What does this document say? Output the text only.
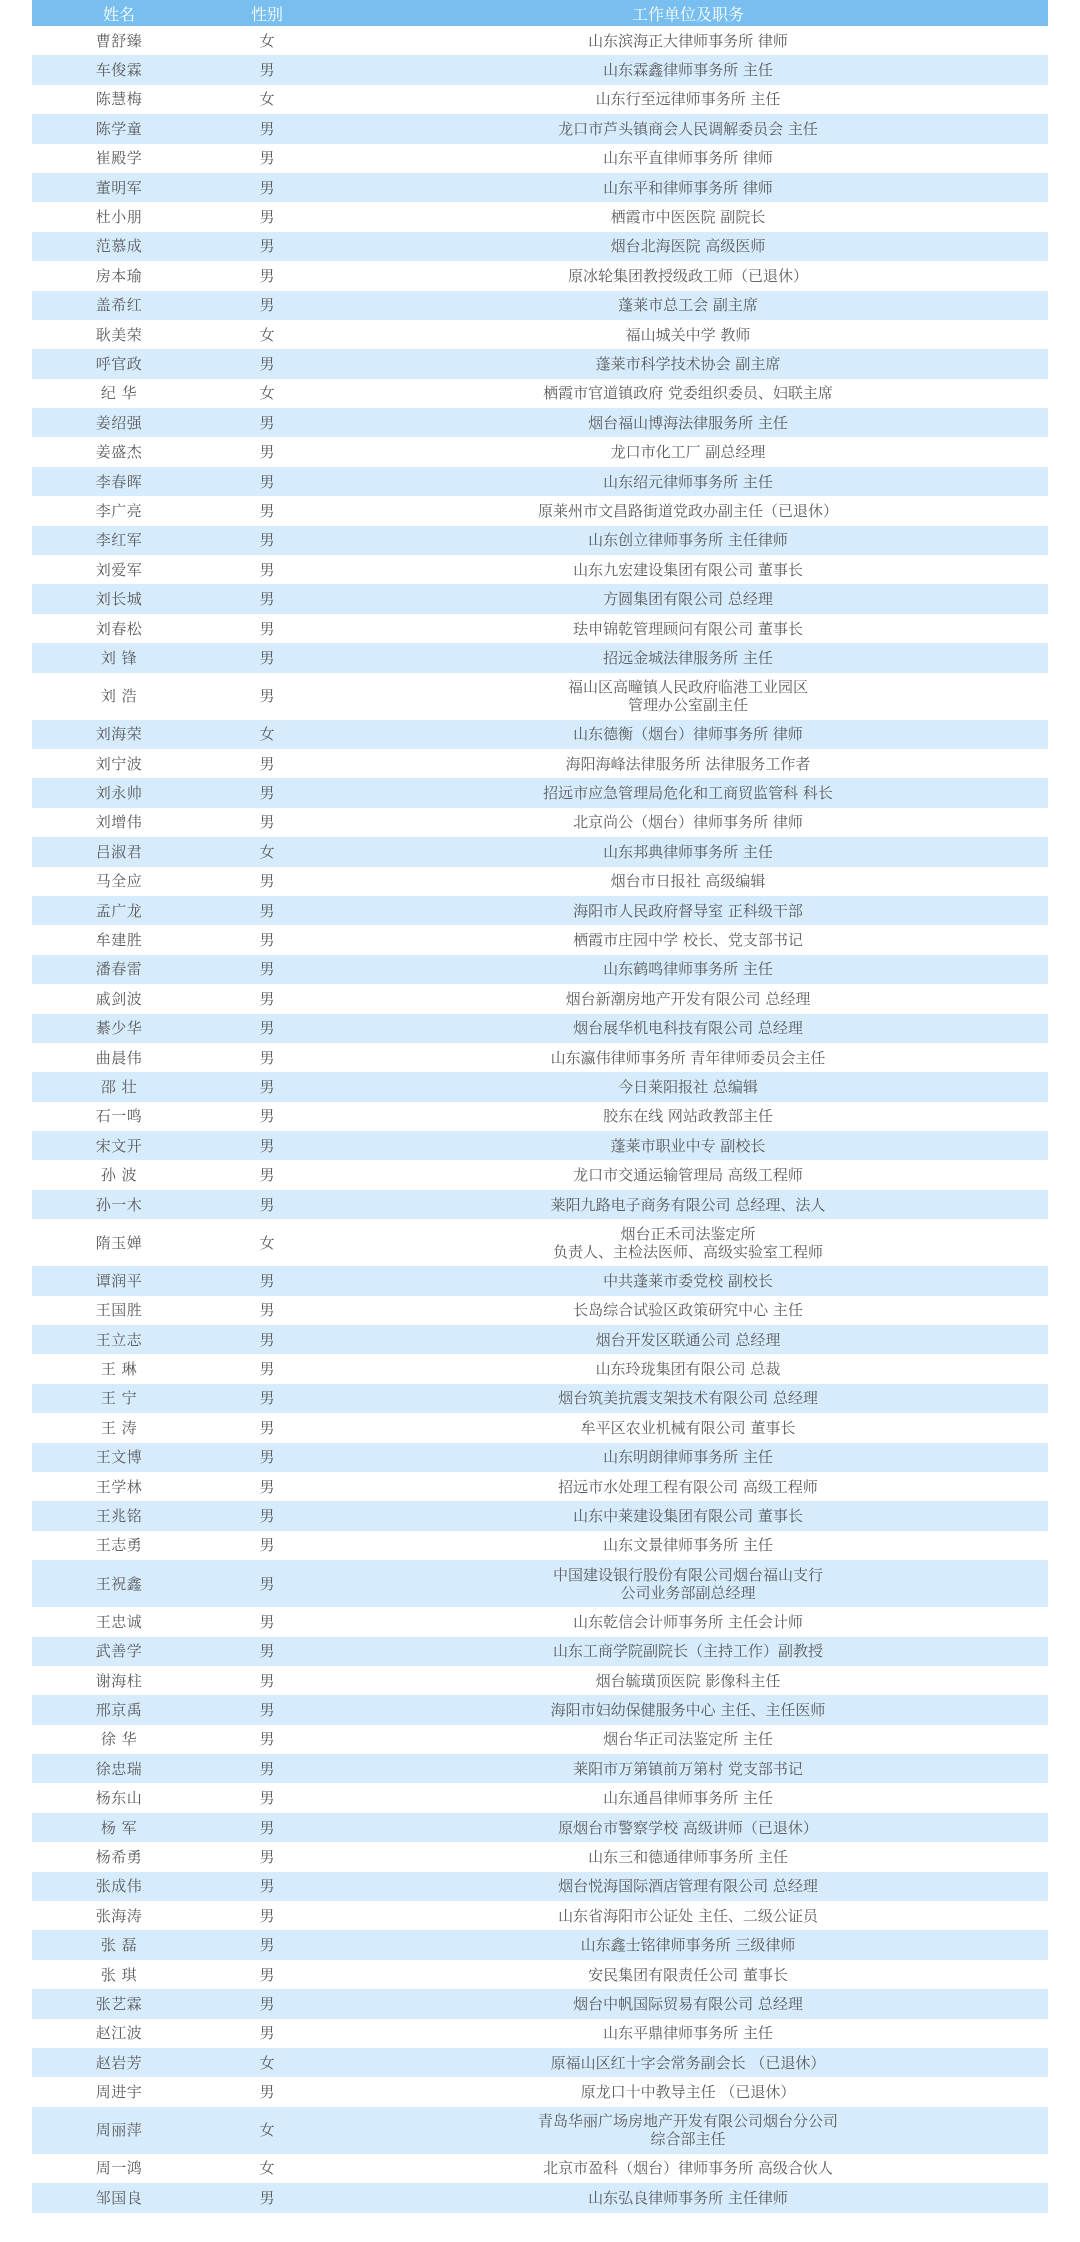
姓名	性别	工作单位及职务
曹舒臻	女	山东滨海正大律师事务所 律师
车俊霖	男	山东霖鑫律师事务所 主任
陈慧梅	女	山东行至远律师事务所 主任
陈学童	男	龙口市芦头镇商会人民调解委员会 主任
崔殿学	男	山东平直律师事务所 律师
董明军	男	山东平和律师事务所 律师
杜小朋	男	栖霞市中医医院 副院长
范慕成	男	烟台北海医院 高级医师
房本瑜	男	原冰轮集团教授级政工师（已退休）
盖希红	男	蓬莱市总工会 副主席
耿美荣	女	福山城关中学 教师
呼官政	男	蓬莱市科学技术协会 副主席
纪 华	女	栖霞市官道镇政府 党委组织委员、妇联主席
姜绍强	男	烟台福山博海法律服务所 主任
姜盛杰	男	龙口市化工厂 副总经理
李春晖	男	山东绍元律师事务所 主任
李广亮	男	原莱州市文昌路街道党政办副主任（已退休）
李红军	男	山东创立律师事务所 主任律师
刘爱军	男	山东九宏建设集团有限公司 董事长
刘长城	男	方圆集团有限公司 总经理
刘春松	男	珐申锦乾管理顾问有限公司 董事长
刘 锋	男	招远金城法律服务所 主任
刘 浩	男	福山区高疃镇人民政府临港工业园区
管理办公室副主任
刘海荣	女	山东德衡（烟台）律师事务所 律师
刘宁波	男	海阳海峰法律服务所 法律服务工作者
刘永帅	男	招远市应急管理局危化和工商贸监管科 科长
刘增伟	男	北京尚公（烟台）律师事务所 律师
吕淑君	女	山东邦典律师事务所 主任
马全应	男	烟台市日报社 高级编辑
孟广龙	男	海阳市人民政府督导室 正科级干部
牟建胜	男	栖霞市庄园中学 校长、党支部书记
潘春雷	男	山东鹤鸣律师事务所 主任
戚剑波	男	烟台新潮房地产开发有限公司 总经理
綦少华	男	烟台展华机电科技有限公司 总经理
曲晨伟	男	山东瀛伟律师事务所 青年律师委员会主任
邵 壮	男	今日莱阳报社 总编辑
石一鸣	男	胶东在线 网站政教部主任
宋文开	男	蓬莱市职业中专 副校长
孙 波	男	龙口市交通运输管理局 高级工程师
孙一木	男	莱阳九路电子商务有限公司 总经理、法人
隋玉婵	女	烟台正禾司法鉴定所
负责人、主检法医师、高级实验室工程师
谭润平	男	中共蓬莱市委党校 副校长
王国胜	男	长岛综合试验区政策研究中心 主任
王立志	男	烟台开发区联通公司 总经理
王 琳	男	山东玲珑集团有限公司 总裁
王 宁	男	烟台筑美抗震支架技术有限公司 总经理
王 涛	男	牟平区农业机械有限公司 董事长
王文博	男	山东明朗律师事务所 主任
王学林	男	招远市水处理工程有限公司 高级工程师
王兆铭	男	山东中莱建设集团有限公司 董事长
王志勇	男	山东文景律师事务所 主任
王祝鑫	男	中国建设银行股份有限公司烟台福山支行
公司业务部副总经理
王忠诚	男	山东乾信会计师事务所 主任会计师
武善学	男	山东工商学院副院长（主持工作）副教授
谢海柱	男	烟台毓璜顶医院 影像科主任
邢京禹	男	海阳市妇幼保健服务中心 主任、主任医师
徐 华	男	烟台华正司法鉴定所 主任
徐忠瑞	男	莱阳市万第镇前万第村 党支部书记
杨东山	男	山东通昌律师事务所 主任
杨 军	男	原烟台市警察学校 高级讲师（已退休）
杨希勇	男	山东三和德通律师事务所 主任
张成伟	男	烟台悦海国际酒店管理有限公司 总经理
张海涛	男	山东省海阳市公证处 主任、二级公证员
张 磊	男	山东鑫士铭律师事务所 三级律师
张 琪	男	安民集团有限责任公司 董事长
张艺霖	男	烟台中帆国际贸易有限公司 总经理
赵江波	男	山东平鼎律师事务所 主任
赵岩芳	女	原福山区红十字会常务副会长 （已退休）
周进宇	男	原龙口十中教导主任 （已退休）
周丽萍	女	青岛华丽广场房地产开发有限公司烟台分公司
综合部主任
周一鸿	女	北京市盈科（烟台）律师事务所 高级合伙人
邹国良	男	山东弘良律师事务所 主任律师
